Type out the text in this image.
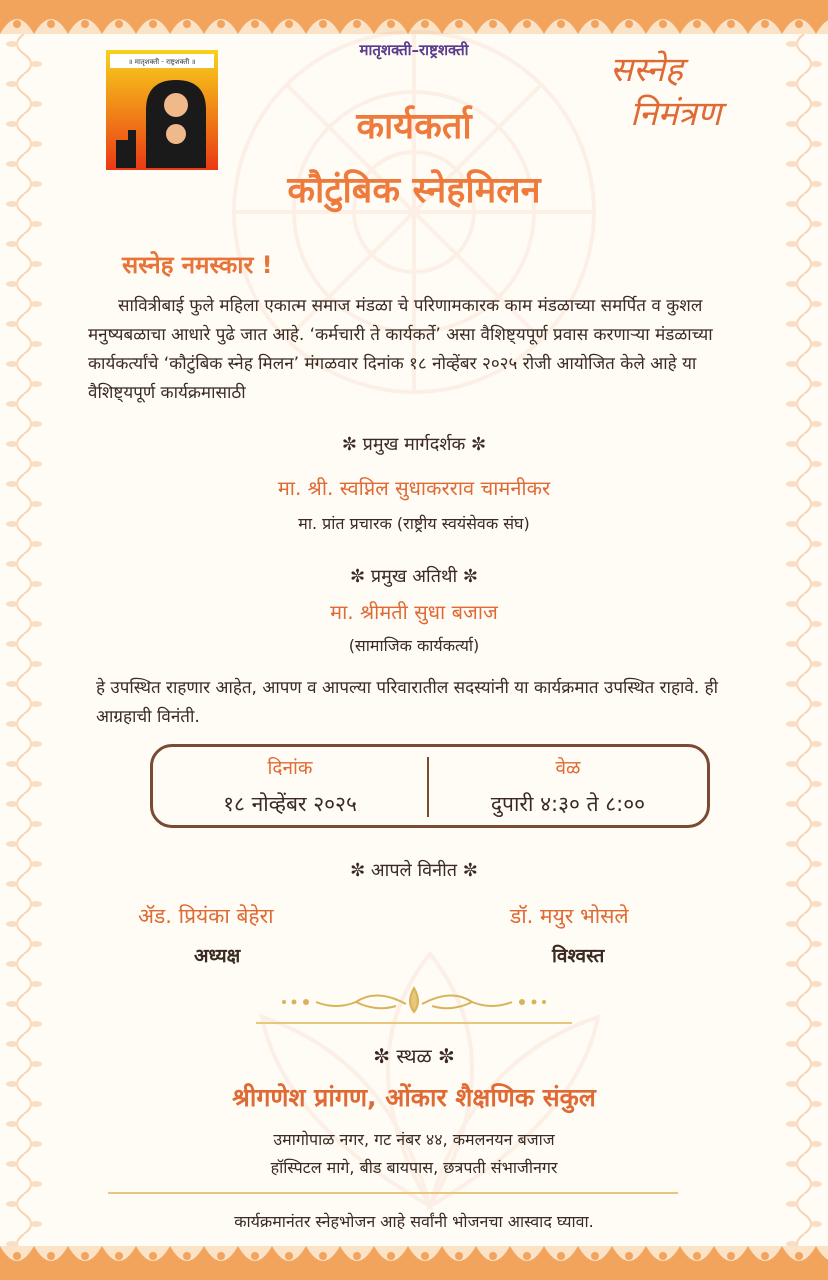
॥ मातृशक्ती - राष्ट्रशक्ती ॥
मातृशक्ती–राष्ट्रशक्ती
कार्यकर्ता
कौटुंबिक स्नेहमिलन
सस्नेह
निमंत्रण
सस्नेह नमस्कार !
सावित्रीबाई फुले महिला एकात्म समाज मंडळा चे परिणामकारक काम मंडळाच्या समर्पित व कुशल मनुष्यबळाचा आधारे पुढे जात आहे. ‘कर्मचारी ते कार्यकर्ते’ असा वैशिष्ट्यपूर्ण प्रवास करणाऱ्या मंडळाच्या कार्यकर्त्यांचे ‘कौटुंबिक स्नेह मिलन’ मंगळवार दिनांक १८ नोव्हेंबर २०२५ रोजी आयोजित केले आहे या वैशिष्ट्यपूर्ण कार्यक्रमासाठी
✼ प्रमुख मार्गदर्शक ✼
मा. श्री. स्वप्निल सुधाकरराव चामनीकर
मा. प्रांत प्रचारक (राष्ट्रीय स्वयंसेवक संघ)
✼ प्रमुख अतिथी ✼
मा. श्रीमती सुधा बजाज
(सामाजिक कार्यकर्त्या)
हे उपस्थित राहणार आहेत, आपण व आपल्या परिवारातील सदस्यांनी या कार्यक्रमात उपस्थित राहावे. ही आग्रहाची विनंती.
दिनांक
१८ नोव्हेंबर २०२५
वेळ
दुपारी ४:३० ते ८:००
✼ आपले विनीत ✼
ॲड. प्रियंका बेहेरा
अध्यक्ष
डॉ. मयुर भोसले
विश्वस्त
✼ स्थळ ✼
श्रीगणेश प्रांगण, ओंकार शैक्षणिक संकुल
उमागोपाळ नगर, गट नंबर ४४, कमलनयन बजाज
हॉस्पिटल मागे, बीड बायपास, छत्रपती संभाजीनगर
कार्यक्रमानंतर स्नेहभोजन आहे सर्वांनी भोजनचा आस्वाद घ्यावा.
